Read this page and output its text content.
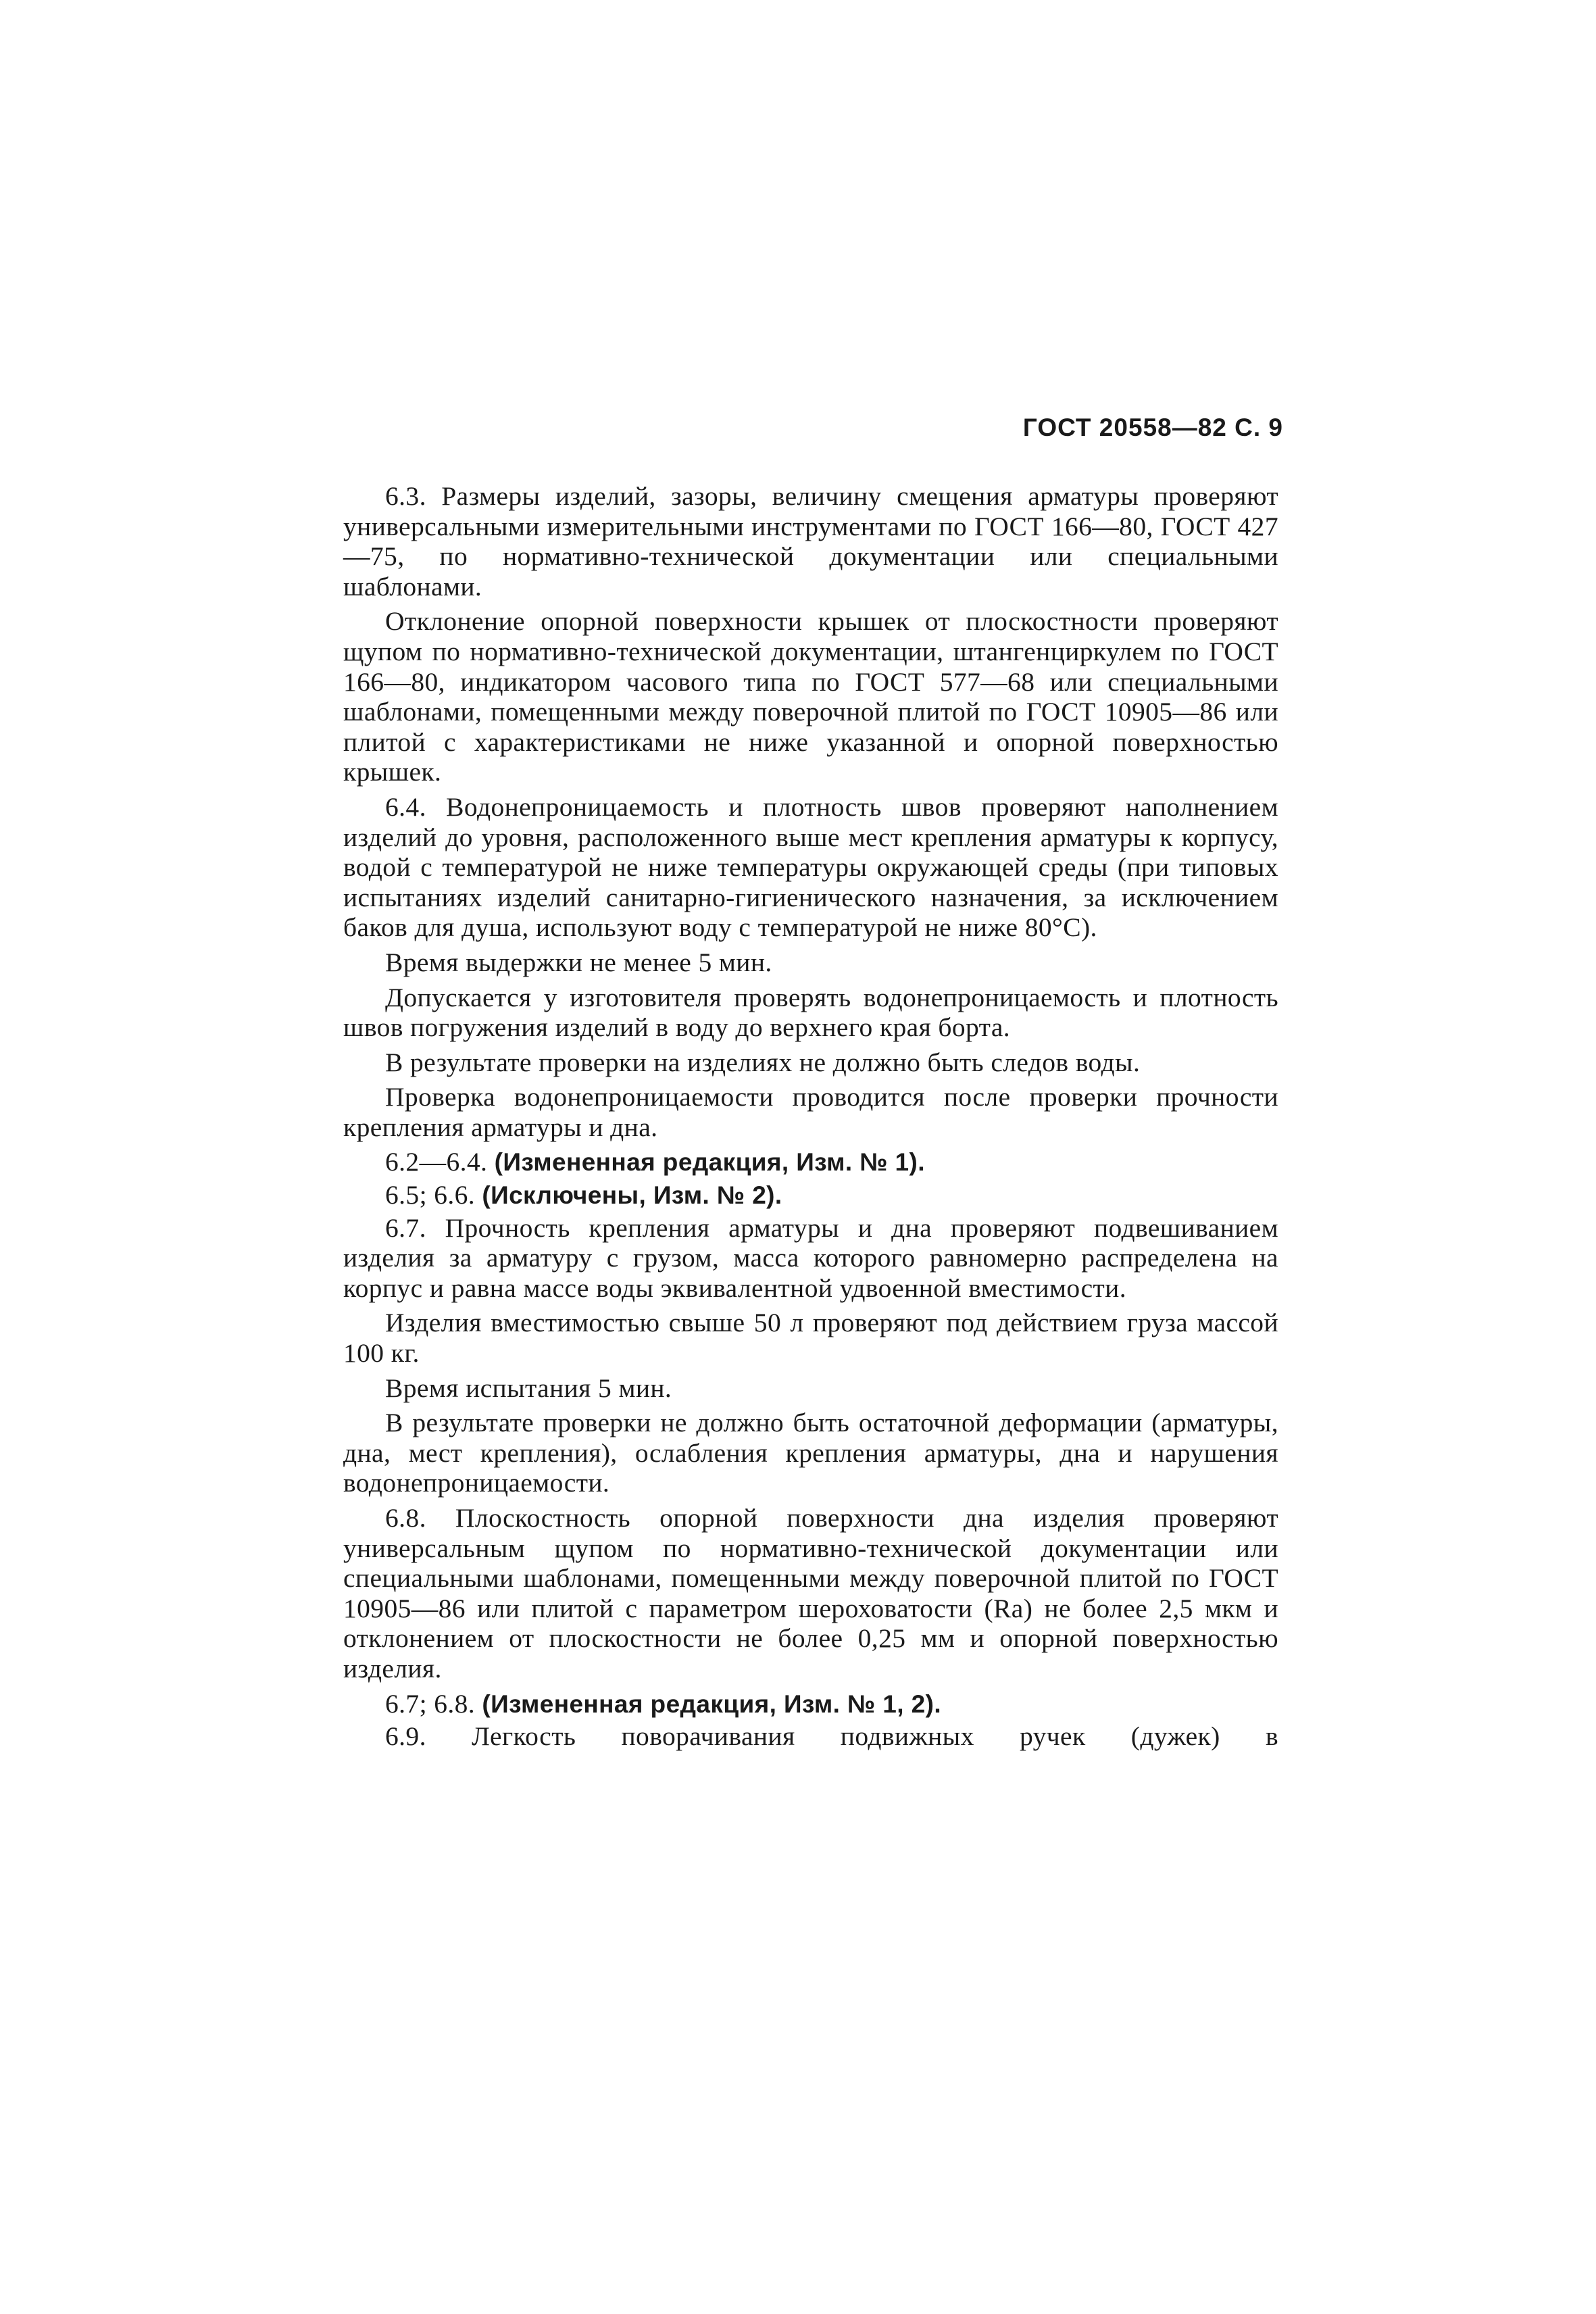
ГОСТ 20558—82 С. 9

6.3. Размеры изделий, зазоры, величину смещения арматуры проверяют универсальными измерительными инструментами по ГОСТ 166—80, ГОСТ 427—75, по нормативно-технической документации или специальными шаблонами.

Отклонение опорной поверхности крышек от плоскостности проверяют щупом по нормативно-технической документации, штангенциркулем по ГОСТ 166—80, индикатором часового типа по ГОСТ 577—68 или специальными шаблонами, помещенными между поверочной плитой по ГОСТ 10905—86 или плитой с характеристиками не ниже указанной и опорной поверхностью крышек.

6.4. Водонепроницаемость и плотность швов проверяют наполнением изделий до уровня, расположенного выше мест крепления арматуры к корпусу, водой с температурой не ниже температуры окружающей среды (при типовых испытаниях изделий санитарно-гигиенического назначения, за исключением баков для душа, используют воду с температурой не ниже 80°С).

Время выдержки не менее 5 мин.

Допускается у изготовителя проверять водонепроницаемость и плотность швов погружения изделий в воду до верхнего края борта.

В результате проверки на изделиях не должно быть следов воды.

Проверка водонепроницаемости проводится после проверки прочности крепления арматуры и дна.

6.2—6.4. (Измененная редакция, Изм. № 1).

6.5; 6.6. (Исключены, Изм. № 2).

6.7. Прочность крепления арматуры и дна проверяют подвешиванием изделия за арматуру с грузом, масса которого равномерно распределена на корпус и равна массе воды эквивалентной удвоенной вместимости.

Изделия вместимостью свыше 50 л проверяют под действием груза массой 100 кг.

Время испытания 5 мин.

В результате проверки не должно быть остаточной деформации (арматуры, дна, мест крепления), ослабления крепления арматуры, дна и нарушения водонепроницаемости.

6.8. Плоскостность опорной поверхности дна изделия проверяют универсальным щупом по нормативно-технической документации или специальными шаблонами, помещенными между поверочной плитой по ГОСТ 10905—86 или плитой с параметром шероховатости (Ra) не более 2,5 мкм и отклонением от плоскостности не более 0,25 мм и опорной поверхностью изделия.

6.7; 6.8. (Измененная редакция, Изм. № 1, 2).

6.9. Легкость поворачивания подвижных ручек (дужек) в
